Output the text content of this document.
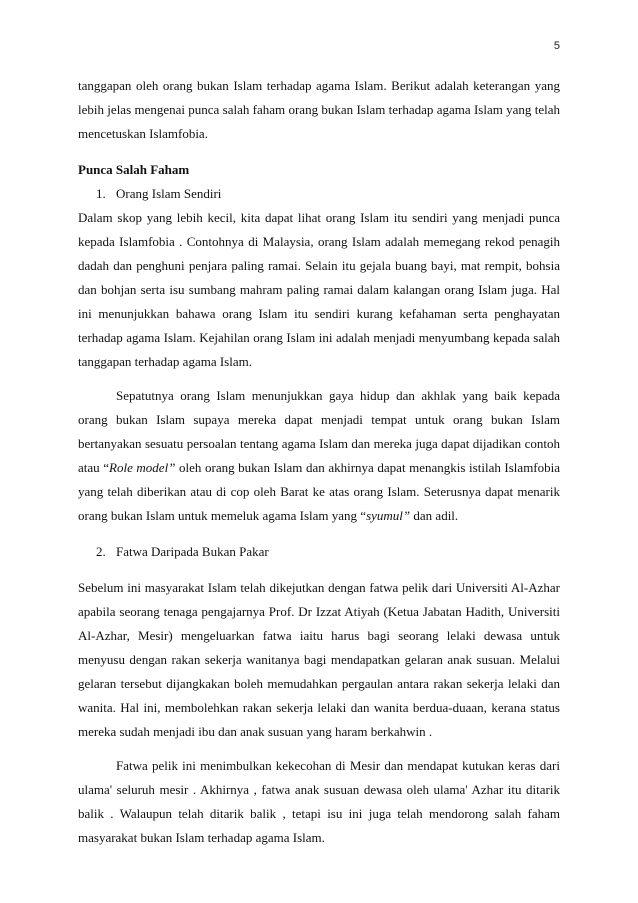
5

tanggapan oleh orang bukan Islam terhadap agama Islam. Berikut adalah keterangan yang lebih jelas mengenai punca salah faham orang bukan Islam terhadap agama Islam yang telah mencetuskan Islamfobia.

Punca Salah Faham
1. Orang Islam Sendiri

Dalam skop yang lebih kecil, kita dapat lihat orang Islam itu sendiri yang menjadi punca kepada Islamfobia . Contohnya di Malaysia, orang Islam adalah memegang rekod penagih dadah dan penghuni penjara paling ramai. Selain itu gejala buang bayi, mat rempit, bohsia dan bohjan serta isu sumbang mahram paling ramai dalam kalangan orang Islam juga. Hal ini menunjukkan bahawa orang Islam itu sendiri kurang kefahaman serta penghayatan terhadap agama Islam. Kejahilan orang Islam ini adalah menjadi menyumbang kepada salah tanggapan terhadap agama Islam.

Sepatutnya orang Islam menunjukkan gaya hidup dan akhlak yang baik kepada orang bukan Islam supaya mereka dapat menjadi tempat untuk orang bukan Islam bertanyakan sesuatu persoalan tentang agama Islam dan mereka juga dapat dijadikan contoh atau “Role model” oleh orang bukan Islam dan akhirnya dapat menangkis istilah Islamfobia yang telah diberikan atau di cop oleh Barat ke atas orang Islam. Seterusnya dapat menarik orang bukan Islam untuk memeluk agama Islam yang “syumul” dan adil.

2. Fatwa Daripada Bukan Pakar

Sebelum ini masyarakat Islam telah dikejutkan dengan fatwa pelik dari Universiti Al-Azhar apabila seorang tenaga pengajarnya Prof. Dr Izzat Atiyah (Ketua Jabatan Hadith, Universiti Al-Azhar, Mesir) mengeluarkan fatwa iaitu harus bagi seorang lelaki dewasa untuk menyusu dengan rakan sekerja wanitanya bagi mendapatkan gelaran anak susuan. Melalui gelaran tersebut dijangkakan boleh memudahkan pergaulan antara rakan sekerja lelaki dan wanita. Hal ini, membolehkan rakan sekerja lelaki dan wanita berdua-duaan, kerana status mereka sudah menjadi ibu dan anak susuan yang haram berkahwin .

Fatwa pelik ini menimbulkan kekecohan di Mesir dan mendapat kutukan keras dari ulama' seluruh mesir . Akhirnya , fatwa anak susuan dewasa oleh ulama' Azhar itu ditarik balik . Walaupun telah ditarik balik , tetapi isu ini juga telah mendorong salah faham masyarakat bukan Islam terhadap agama Islam.
